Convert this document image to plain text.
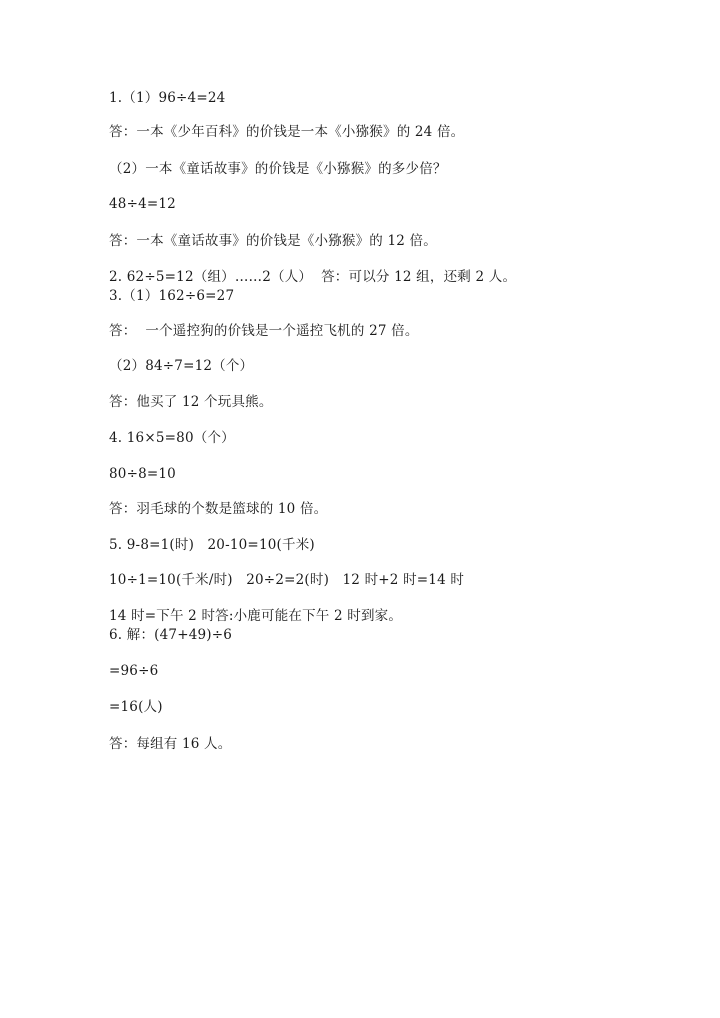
1.（1）96÷4=24
答：一本《少年百科》的价钱是一本《小猕猴》的 24 倍。
（2）一本《童话故事》的价钱是《小猕猴》的多少倍？
48÷4=12
答：一本《童话故事》的价钱是《小猕猴》的 12 倍。
2. 62÷5=12（组）……2（人）  答：可以分 12 组，还剩 2 人。
3.（1）162÷6=27
答：  一个遥控狗的价钱是一个遥控飞机的 27 倍。
（2）84÷7=12（个）
答：他买了 12 个玩具熊。
4. 16×5=80（个）
80÷8=10
答：羽毛球的个数是篮球的 10 倍。
5. 9-8=1(时)   20-10=10(千米)
10÷1=10(千米/时)   20÷2=2(时)   12 时+2 时=14 时
14 时=下午 2 时答:小鹿可能在下午 2 时到家。
6. 解：(47+49)÷6
=96÷6
=16(人)
答：每组有 16 人。
